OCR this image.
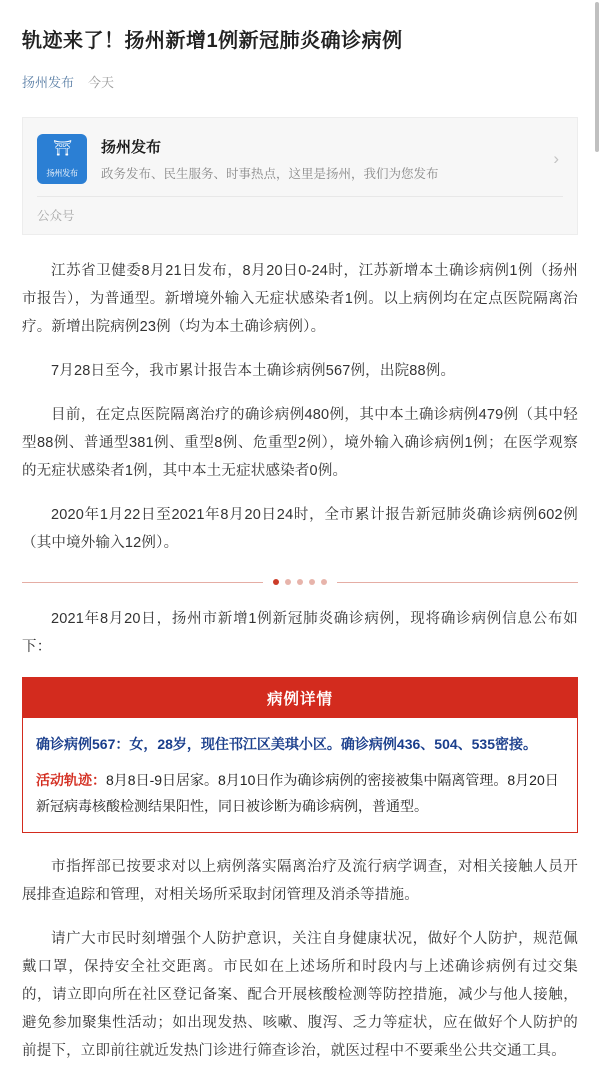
轨迹来了！扬州新增1例新冠肺炎确诊病例
扬州发布 今天
⛩
扬州发布
扬州发布
政务发布、民生服务、时事热点，这里是扬州，我们为您发布
›
公众号

江苏省卫健委8月21日发布，8月20日0-24时，江苏新增本土确诊病例1例（扬州市报告），为普通型。新增境外输入无症状感染者1例。以上病例均在定点医院隔离治疗。新增出院病例23例（均为本土确诊病例）。

7月28日至今，我市累计报告本土确诊病例567例，出院88例。

目前，在定点医院隔离治疗的确诊病例480例，其中本土确诊病例479例（其中轻型88例、普通型381例、重型8例、危重型2例），境外输入确诊病例1例；在医学观察的无症状感染者1例，其中本土无症状感染者0例。

2020年1月22日至2021年8月20日24时，全市累计报告新冠肺炎确诊病例602例（其中境外输入12例）。

2021年8月20日，扬州市新增1例新冠肺炎确诊病例，现将确诊病例信息公布如下：

病例详情
确诊病例567：女，28岁，现住邗江区美琪小区。确诊病例436、504、535密接。
活动轨迹：8月8日-9日居家。8月10日作为确诊病例的密接被集中隔离管理。8月20日新冠病毒核酸检测结果阳性，同日被诊断为确诊病例，普通型。

市指挥部已按要求对以上病例落实隔离治疗及流行病学调查，对相关接触人员开展排查追踪和管理，对相关场所采取封闭管理及消杀等措施。

请广大市民时刻增强个人防护意识，关注自身健康状况，做好个人防护，规范佩戴口罩，保持安全社交距离。市民如在上述场所和时段内与上述确诊病例有过交集的，请立即向所在社区登记备案、配合开展核酸检测等防控措施，减少与他人接触，避免参加聚集性活动；如出现发热、咳嗽、腹泻、乏力等症状，应在做好个人防护的前提下，立即前往就近发热门诊进行筛查诊治，就医过程中不要乘坐公共交通工具。
